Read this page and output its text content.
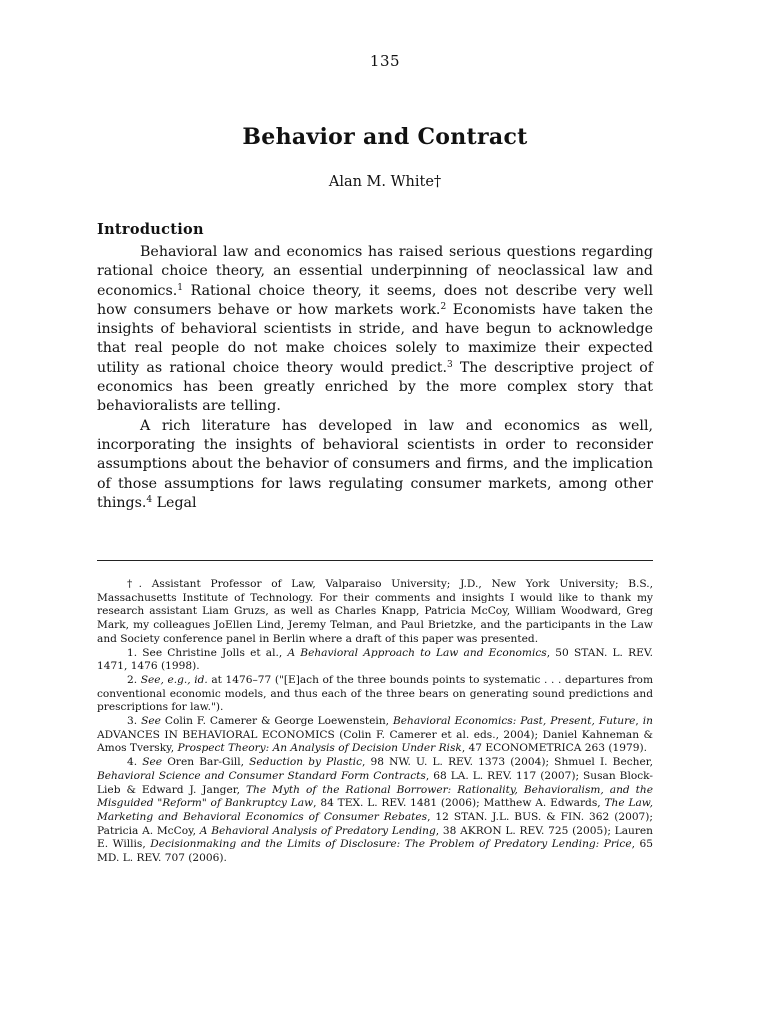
135
Behavior and Contract
Alan M. White†
Introduction

Behavioral law and economics has raised serious questions regarding rational choice theory, an essential underpinning of neoclassical law and economics.$^1$ Rational choice theory, it seems, does not describe very well how consumers behave or how markets work.$^2$ Economists have taken the insights of behavioral scientists in stride, and have begun to acknowledge that real people do not make choices solely to maximize their expected utility as rational choice theory would predict.$^3$ The descriptive project of economics has been greatly enriched by the more complex story that behavioralists are telling.

A rich literature has developed in law and economics as well, incorporating the insights of behavioral scientists in order to reconsider assumptions about the behavior of consumers and firms, and the implication of those assumptions for laws regulating consumer markets, among other things.$^4$ Legal

†. Assistant Professor of Law, Valparaiso University; J.D., New York University; B.S., Massachusetts Institute of Technology. For their comments and insights I would like to thank my research assistant Liam Gruzs, as well as Charles Knapp, Patricia McCoy, William Woodward, Greg Mark, my colleagues JoEllen Lind, Jeremy Telman, and Paul Brietzke, and the participants in the Law and Society conference panel in Berlin where a draft of this paper was presented.

1. See Christine Jolls et al., A Behavioral Approach to Law and Economics, 50 STAN. L. REV. 1471, 1476 (1998).

2. See, e.g., id. at 1476–77 ("[E]ach of the three bounds points to systematic . . . departures from conventional economic models, and thus each of the three bears on generating sound predictions and prescriptions for law.").

3. See Colin F. Camerer & George Loewenstein, Behavioral Economics: Past, Present, Future, in ADVANCES IN BEHAVIORAL ECONOMICS (Colin F. Camerer et al. eds., 2004); Daniel Kahneman & Amos Tversky, Prospect Theory: An Analysis of Decision Under Risk, 47 ECONOMETRICA 263 (1979).

4. See Oren Bar-Gill, Seduction by Plastic, 98 NW. U. L. REV. 1373 (2004); Shmuel I. Becher, Behavioral Science and Consumer Standard Form Contracts, 68 LA. L. REV. 117 (2007); Susan Block-Lieb & Edward J. Janger, The Myth of the Rational Borrower: Rationality, Behavioralism, and the Misguided "Reform" of Bankruptcy Law, 84 TEX. L. REV. 1481 (2006); Matthew A. Edwards, The Law, Marketing and Behavioral Economics of Consumer Rebates, 12 STAN. J.L. BUS. & FIN. 362 (2007); Patricia A. McCoy, A Behavioral Analysis of Predatory Lending, 38 AKRON L. REV. 725 (2005); Lauren E. Willis, Decisionmaking and the Limits of Disclosure: The Problem of Predatory Lending: Price, 65 MD. L. REV. 707 (2006).
